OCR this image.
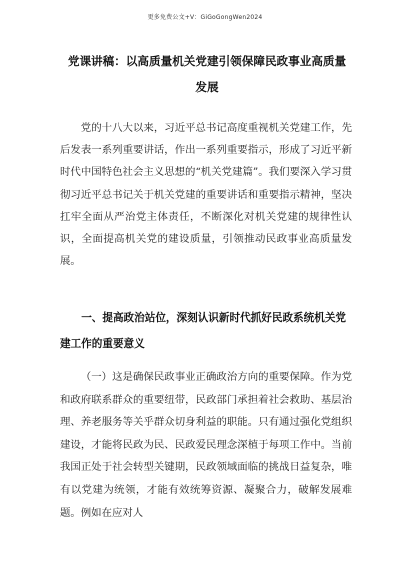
更多免费公文+V：GiGoGongWen2024
党课讲稿：以高质量机关党建引领保障民政事业高质量发展
党的十八大以来，习近平总书记高度重视机关党建工作，先后发表一系列重要讲话，作出一系列重要指示，形成了习近平新时代中国特色社会主义思想的“机关党建篇”。我们要深入学习贯彻习近平总书记关于机关党建的重要讲话和重要指示精神，坚决扛牢全面从严治党主体责任，不断深化对机关党建的规律性认识，全面提高机关党的建设质量，引领推动民政事业高质量发展。
一、提高政治站位，深刻认识新时代抓好民政系统机关党建工作的重要意义
（一）这是确保民政事业正确政治方向的重要保障。作为党和政府联系群众的重要纽带，民政部门承担着社会救助、基层治理、养老服务等关乎群众切身利益的职能。只有通过强化党组织建设，才能将民政为民、民政爱民理念深植于每项工作中。当前我国正处于社会转型关键期，民政领域面临的挑战日益复杂，唯有以党建为统领，才能有效统筹资源、凝聚合力，破解发展难题。例如在应对人
